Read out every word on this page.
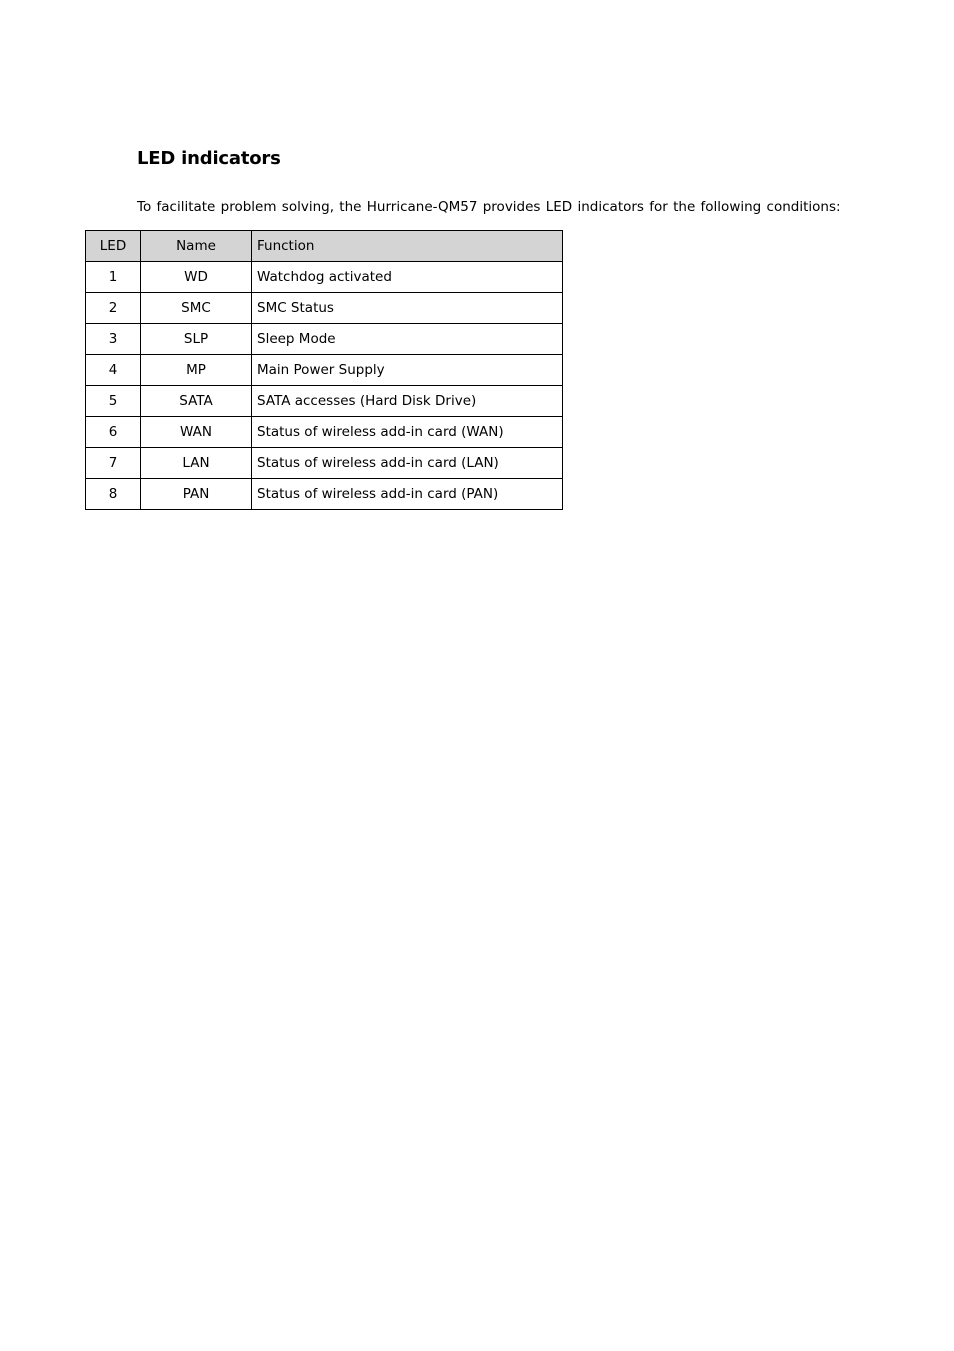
LED indicators

To facilitate problem solving, the Hurricane-QM57 provides LED indicators for the following conditions:

LED	Name	Function
1	WD	Watchdog activated
2	SMC	SMC Status
3	SLP	Sleep Mode
4	MP	Main Power Supply
5	SATA	SATA accesses (Hard Disk Drive)
6	WAN	Status of wireless add-in card (WAN)
7	LAN	Status of wireless add-in card (LAN)
8	PAN	Status of wireless add-in card (PAN)
